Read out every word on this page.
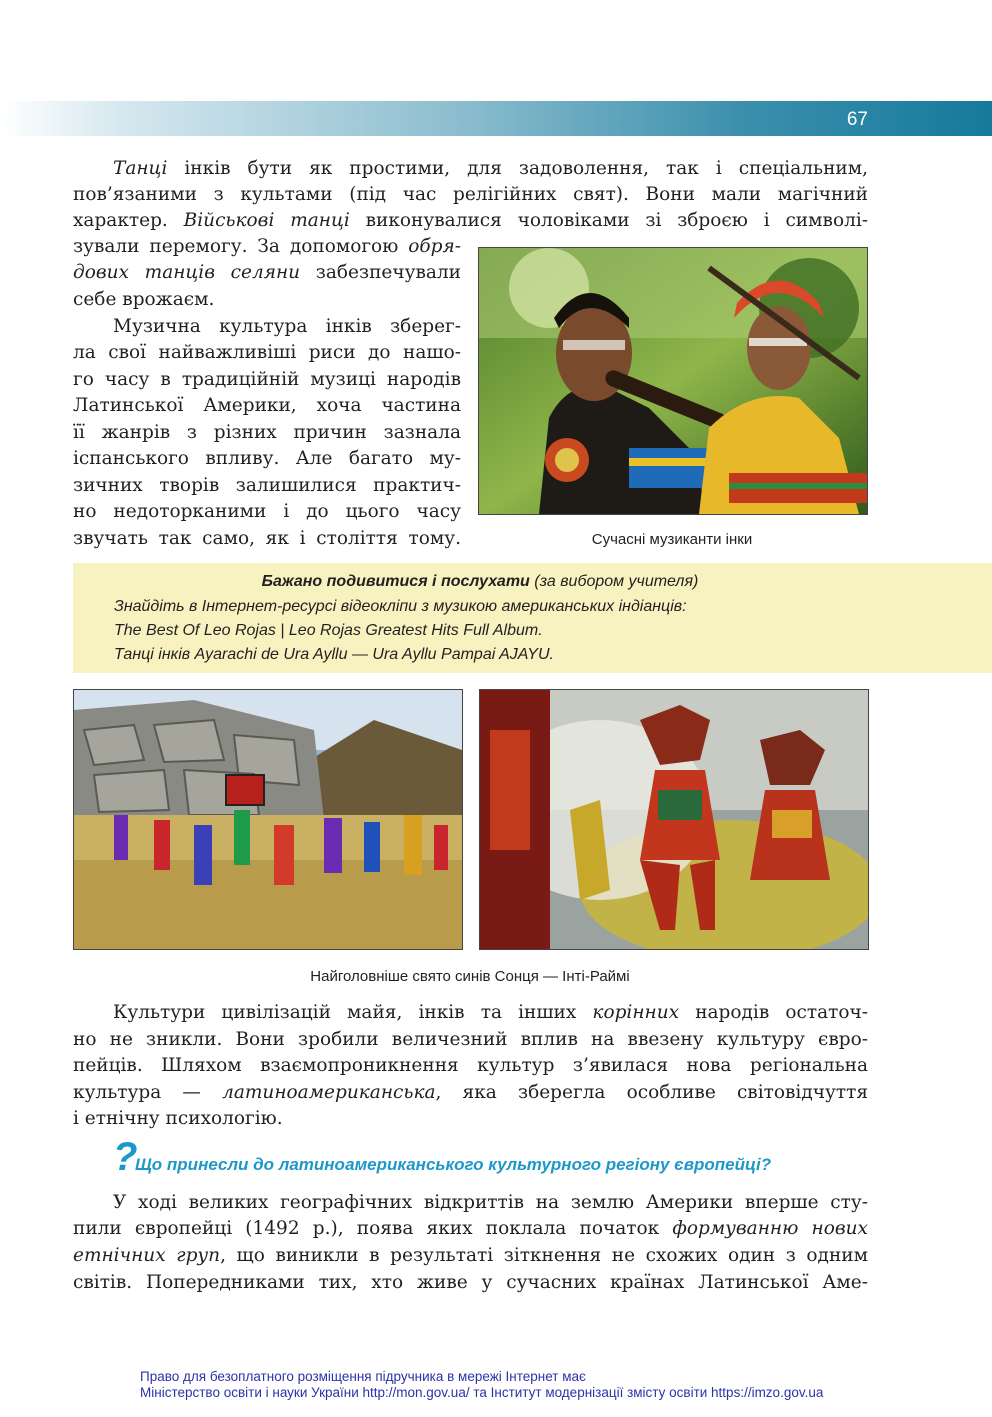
67

Танці інків бути як простими, для задоволення, так і спеціальним,

пов’язаними з культами (під час релігійних свят). Вони мали магічний

характер. Військові танці виконувалися чоловіками зі зброєю і символі-

зували перемогу. За допомогою обря-

дових танців селяни забезпечували

себе врожаєм.

Музична культура інків зберег-

ла свої найважливіші риси до нашо-

го часу в традиційній музиці народів

Латинської Америки, хоча частина

її жанрів з різних причин зазнала

іспанського впливу. Але багато му-

зичних творів залишилися практич-

но недоторканими і до цього часу

звучать так само, як і століття тому.	Сучасні музиканти інки
Бажано подивитися і послухати (за вибором учителя)
Знайдіть в Інтернет-ресурсі відеокліпи з музикою американських індіанців:
The Best Of Leo Rojas | Leo Rojas Greatest Hits Full Album.
Танці інків Ayarachi de Ura Ayllu — Ura Ayllu Pampai AJAYU.
Найголовніше свято синів Сонця — Інті-Раймі

Культури цивілізацій майя, інків та інших корінних народів остаточ-

но не зникли. Вони зробили величезний вплив на ввезену культуру євро-

пейців. Шляхом взаємопроникнення культур з’явилася нова регіональна

культура — латиноамериканська, яка зберегла особливе світовідчуття

і етнічну психологію.

?
Що принесли до латиноамериканського культурного регіону європейці?

У ході великих географічних відкриттів на землю Америки вперше сту-

пили європейці (1492 р.), поява яких поклала початок формуванню нових

етнічних груп, що виникли в результаті зіткнення не схожих один з одним

світів. Попередниками тих, хто живе у сучасних країнах Латинської Аме-

Право для безоплатного розміщення підручника в мережі Інтернет має
Міністерство освіти і науки України http://mon.gov.ua/ та Інститут модернізації змісту освіти https://imzo.gov.ua
